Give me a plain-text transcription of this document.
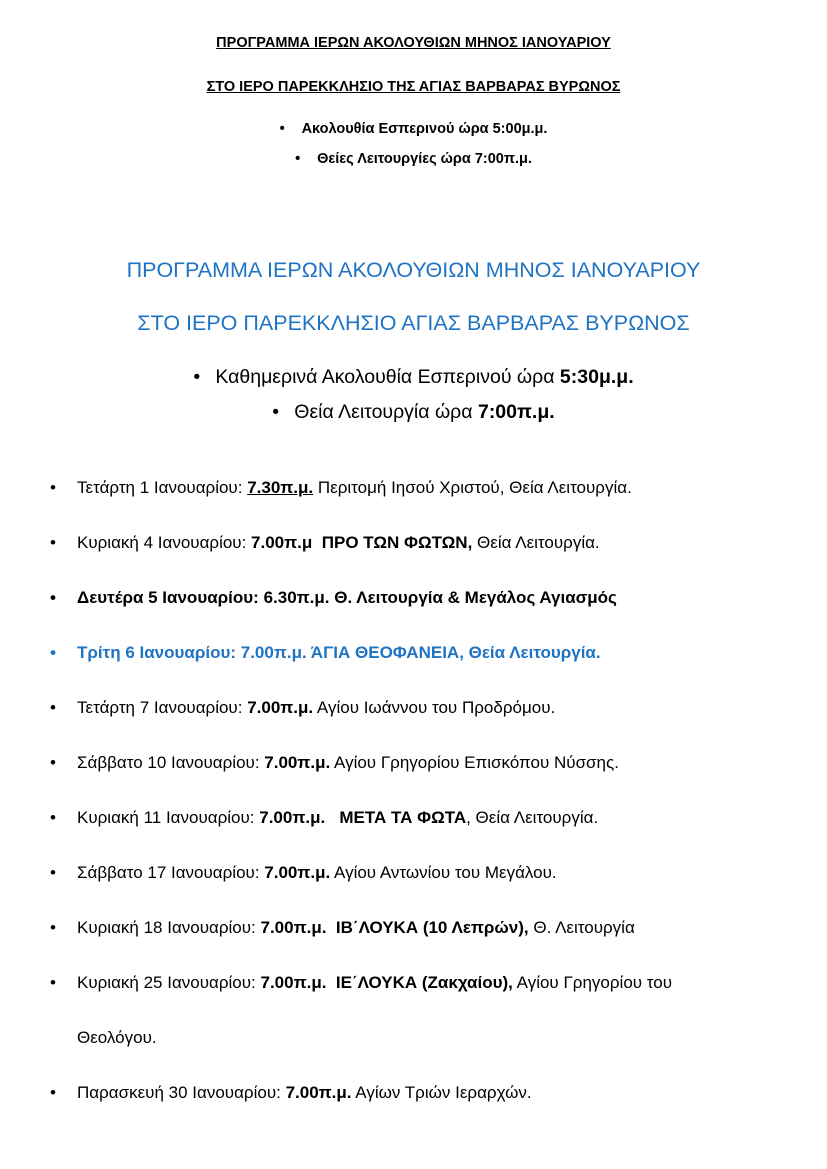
ΠΡΟΓΡΑΜΜΑ ΙΕΡΩΝ ΑΚΟΛΟΥΘΙΩΝ ΜΗΝΟΣ ΙΑΝΟΥΑΡΙΟΥ
ΣΤΟ ΙΕΡΟ ΠΑΡΕΚΚΛΗΣΙΟ ΤΗΣ ΑΓΙΑΣ ΒΑΡΒΑΡΑΣ ΒΥΡΩΝΟΣ
• Ακολουθία Εσπερινού ώρα 5:00μ.μ.
• Θείες Λειτουργίες ώρα 7:00π.μ.
ΠΡΟΓΡΑΜΜΑ ΙΕΡΩΝ ΑΚΟΛΟΥΘΙΩΝ ΜΗΝΟΣ ΙΑΝΟΥΑΡΙΟΥ
ΣΤΟ ΙΕΡΟ ΠΑΡΕΚΚΛΗΣΙΟ ΑΓΙΑΣ ΒΑΡΒΑΡΑΣ ΒΥΡΩΝΟΣ
• Καθημερινά Ακολουθία Εσπερινού ώρα 5:30μ.μ.
• Θεία Λειτουργία ώρα 7:00π.μ.
• Τετάρτη 1 Ιανουαρίου: 7.30π.μ. Περιτομή Ιησού Χριστού, Θεία Λειτουργία.
• Κυριακή 4 Ιανουαρίου: 7.00π.μ ΠΡΟ ΤΩΝ ΦΩΤΩΝ, Θεία Λειτουργία.
• Δευτέρα 5 Ιανουαρίου: 6.30π.μ. Θ. Λειτουργία & Μεγάλος Αγιασμός
• Τρίτη 6 Ιανουαρίου: 7.00π.μ. ΆΓΙΑ ΘΕΟΦΑΝΕΙΑ, Θεία Λειτουργία.
• Τετάρτη 7 Ιανουαρίου: 7.00π.μ. Αγίου Ιωάννου του Προδρόμου.
• Σάββατο 10 Ιανουαρίου: 7.00π.μ. Αγίου Γρηγορίου Επισκόπου Νύσσης.
• Κυριακή 11 Ιανουαρίου: 7.00π.μ. ΜΕΤΑ ΤΑ ΦΩΤΑ, Θεία Λειτουργία.
• Σάββατο 17 Ιανουαρίου: 7.00π.μ. Αγίου Αντωνίου του Μεγάλου.
• Κυριακή 18 Ιανουαρίου: 7.00π.μ. ΙΒ΄ΛΟΥΚΑ (10 Λεπρών), Θ. Λειτουργία
• Κυριακή 25 Ιανουαρίου: 7.00π.μ. ΙΕ΄ΛΟΥΚΑ (Ζακχαίου), Αγίου Γρηγορίου του
Θεολόγου.
• Παρασκευή 30 Ιανουαρίου: 7.00π.μ. Αγίων Τριών Ιεραρχών.
